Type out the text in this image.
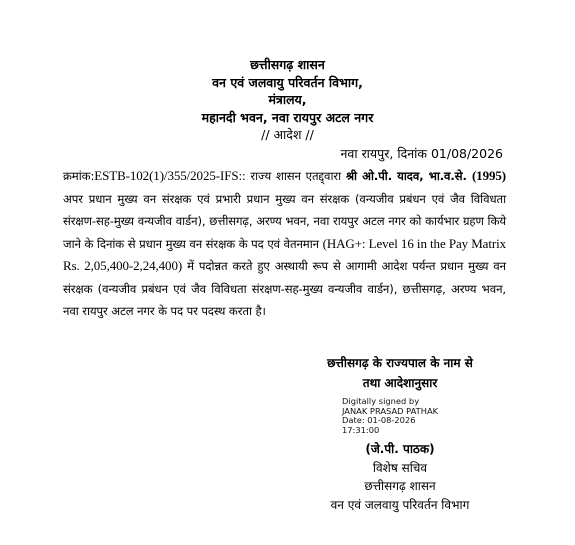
छत्तीसगढ़ शासन
वन एवं जलवायु परिवर्तन विभाग,
मंत्रालय,
महानदी भवन, नवा रायपुर अटल नगर
// आदेश //
नवा रायपुर, दिनांक 01/08/2026
क्रमांक:ESTB-102(1)/355/2025-IFS:: राज्य शासन एतद्द्वारा श्री ओ.पी. यादव, भा.व.से. (1995) अपर प्रधान मुख्य वन संरक्षक एवं प्रभारी प्रधान मुख्य वन संरक्षक (वन्यजीव प्रबंधन एवं जैव विविधता संरक्षण-सह-मुख्य वन्यजीव वार्डन), छत्तीसगढ़, अरण्य भवन, नवा रायपुर अटल नगर को कार्यभार ग्रहण किये जाने के दिनांक से प्रधान मुख्य वन संरक्षक के पद एवं वेतनमान (HAG+: Level 16 in the Pay Matrix Rs. 2,05,400-2,24,400) में पदोन्नत करते हुए अस्थायी रूप से आगामी आदेश पर्यन्त प्रधान मुख्य वन संरक्षक (वन्यजीव प्रबंधन एवं जैव विविधता संरक्षण-सह-मुख्य वन्यजीव वार्डन), छत्तीसगढ़, अरण्य भवन, नवा रायपुर अटल नगर के पद पर पदस्थ करता है।
छत्तीसगढ़ के राज्यपाल के नाम से
तथा आदेशानुसार
Digitally signed by
JANAK PRASAD PATHAK
Date: 01-08-2026
17:31:00
(जे.पी. पाठक)
विशेष सचिव
छत्तीसगढ़ शासन
वन एवं जलवायु परिवर्तन विभाग
